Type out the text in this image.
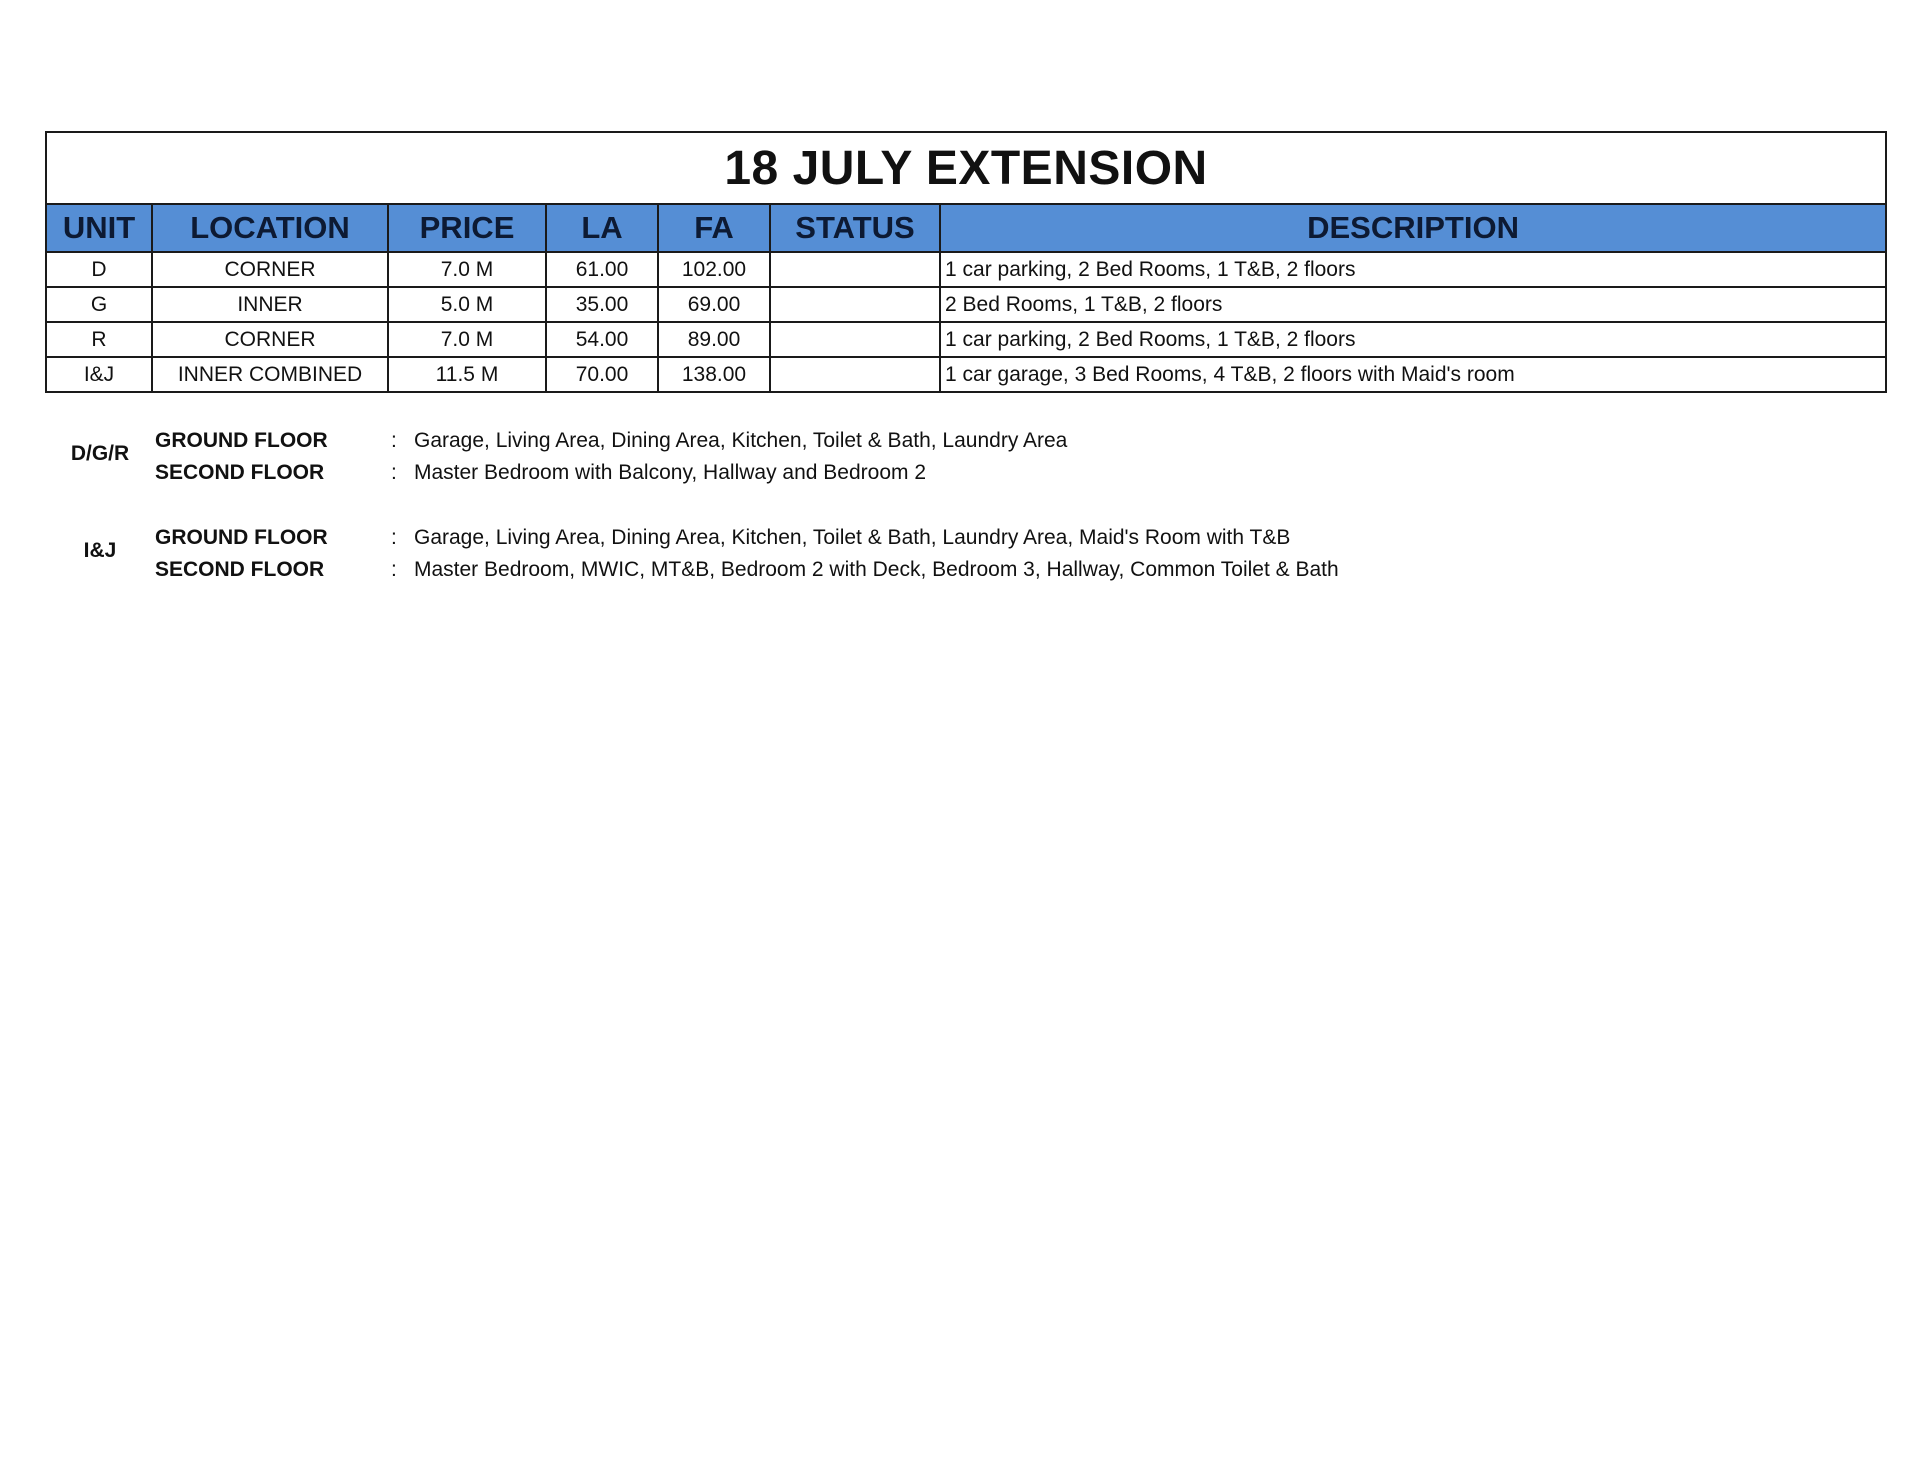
18 JULY EXTENSION						
UNIT	LOCATION	PRICE	LA	FA	STATUS	DESCRIPTION
D	CORNER	7.0 M	61.00	102.00		1 car parking, 2 Bed Rooms, 1 T&B, 2 floors
G	INNER	5.0 M	35.00	69.00		2 Bed Rooms, 1 T&B, 2 floors
R	CORNER	7.0 M	54.00	89.00		1 car parking, 2 Bed Rooms, 1 T&B, 2 floors
I&J	INNER COMBINED	11.5 M	70.00	138.00		1 car garage, 3 Bed Rooms, 4 T&B, 2 floors with Maid's room
D/G/R
GROUND FLOOR	: Garage, Living Area, Dining Area, Kitchen, Toilet & Bath, Laundry Area
SECOND FLOOR	: Master Bedroom with Balcony, Hallway and Bedroom 2
I&J
GROUND FLOOR	: Garage, Living Area, Dining Area, Kitchen, Toilet & Bath, Laundry Area, Maid's Room with T&B
SECOND FLOOR	: Master Bedroom, MWIC, MT&B, Bedroom 2 with Deck, Bedroom 3, Hallway, Common Toilet & Bath
